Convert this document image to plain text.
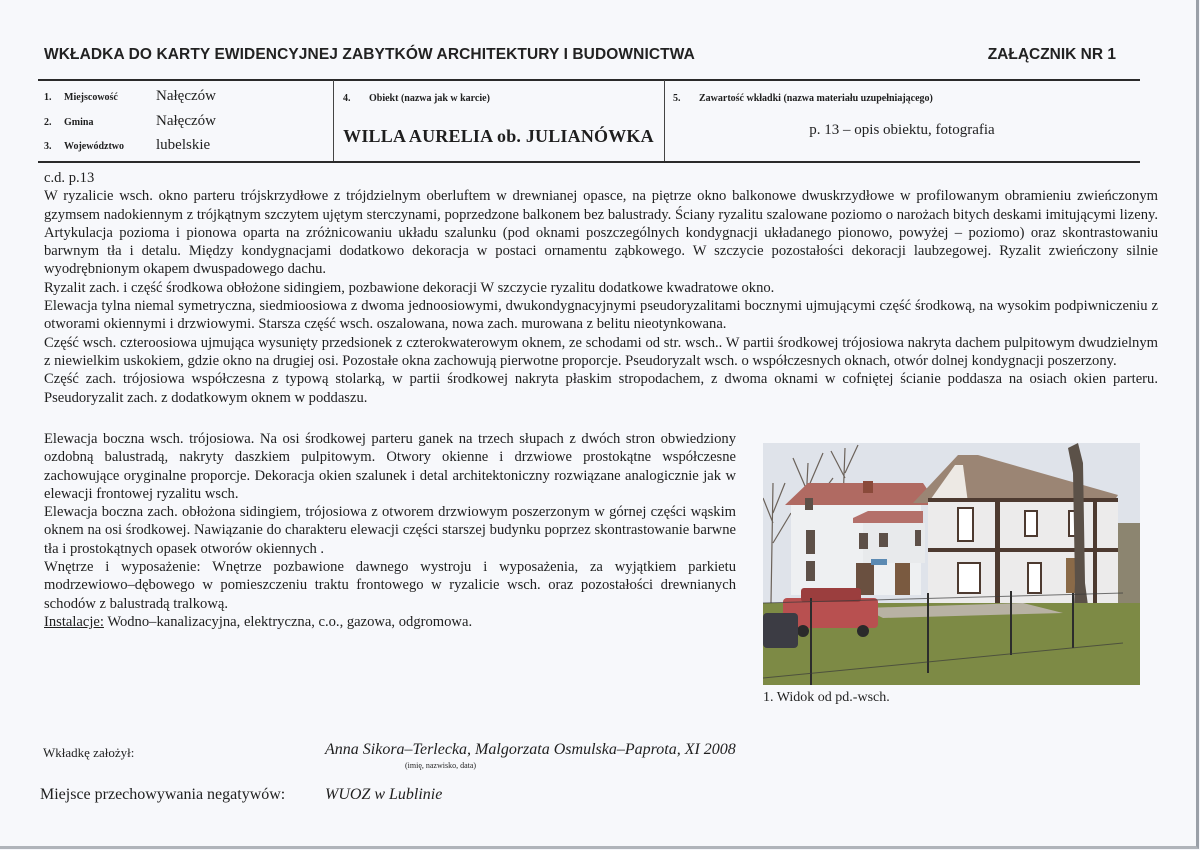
WKŁADKA DO KARTY EWIDENCYJNEJ ZABYTKÓW ARCHITEKTURY I BUDOWNICTWA	ZAŁĄCZNIK NR 1
1.	Miejscowość	Nałęczów
2.	Gmina	Nałęczów
3.	Województwo	lubelskie
4. Obiekt (nazwa jak w karcie)
WILLA AURELIA ob. JULIANÓWKA
5. Zawartość wkładki (nazwa materiału uzupełniającego)
p. 13 – opis obiektu, fotografia

c.d. p.13

W ryzalicie wsch. okno parteru trójskrzydłowe z trójdzielnym oberluftem w drewnianej opasce, na piętrze okno balkonowe dwuskrzydłowe w profilowanym obramieniu zwieńczonym gzymsem nadokiennym z trójkątnym szczytem ujętym sterczynami, poprzedzone balkonem bez balustrady. Ściany ryzalitu szalowane poziomo o narożach bitych deskami imitującymi lizeny. Artykulacja pozioma i pionowa oparta na zróżnicowaniu układu szalunku (pod oknami poszczególnych kondygnacji układanego pionowo, powyżej – poziomo) oraz skontrastowaniu barwnym tła i detalu. Między kondygnacjami dodatkowo dekoracja w postaci ornamentu ząbkowego. W szczycie pozostałości dekoracji laubzegowej. Ryzalit zwieńczony silnie wyodrębnionym okapem dwuspadowego dachu.

Ryzalit zach. i część środkowa obłożone sidingiem, pozbawione dekoracji W szczycie ryzalitu dodatkowe kwadratowe okno.

Elewacja tylna niemal symetryczna, siedmioosiowa z dwoma jednoosiowymi, dwukondygnacyjnymi pseudoryzalitami bocznymi ujmującymi część środkową, na wysokim podpiwniczeniu z otworami okiennymi i drzwiowymi. Starsza część wsch. oszalowana, nowa zach. murowana z belitu nieotynkowana.

Część wsch. czteroosiowa ujmująca wysunięty przedsionek z czterokwaterowym oknem, ze schodami od str. wsch.. W partii środkowej trójosiowa nakryta dachem pulpitowym dwudzielnym z niewielkim uskokiem, gdzie okno na drugiej osi. Pozostałe okna zachowują pierwotne proporcje. Pseudoryzalt wsch. o współczesnych oknach, otwór dolnej kondygnacji poszerzony.

Część zach. trójosiowa współczesna z typową stolarką, w partii środkowej nakryta płaskim stropodachem, z dwoma oknami w cofniętej ścianie poddasza na osiach okien parteru. Pseudoryzalit zach. z dodatkowym oknem w poddaszu.

Elewacja boczna wsch. trójosiowa. Na osi środkowej parteru ganek na trzech słupach z dwóch stron obwiedziony ozdobną balustradą, nakryty daszkiem pulpitowym. Otwory okienne i drzwiowe prostokątne współczesne zachowujące oryginalne proporcje. Dekoracja okien szalunek i detal architektoniczny rozwiązane analogicznie jak w elewacji frontowej ryzalitu wsch.

Elewacja boczna zach. obłożona sidingiem, trójosiowa z otworem drzwiowym poszerzonym w górnej części wąskim oknem na osi środkowej. Nawiązanie do charakteru elewacji części starszej budynku poprzez skontrastowanie barwne tła i prostokątnych opasek otworów okiennych .

Wnętrze i wyposażenie: Wnętrze pozbawione dawnego wystroju i wyposażenia, za wyjątkiem parkietu modrzewiowo–dębowego w pomieszczeniu traktu frontowego w ryzalicie wsch. oraz pozostałości drewnianych schodów z balustradą tralkową.

Instalacje: Wodno–kanalizacyjna, elektryczna, c.o., gazowa, odgromowa.

1. Widok od pd.-wsch.
Wkładkę założył:	Anna Sikora–Terlecka, Malgorzata Osmulska–Paprota, XI 2008
(imię, nazwisko, data)
Miejsce przechowywania negatywów: WUOZ w Lublinie
